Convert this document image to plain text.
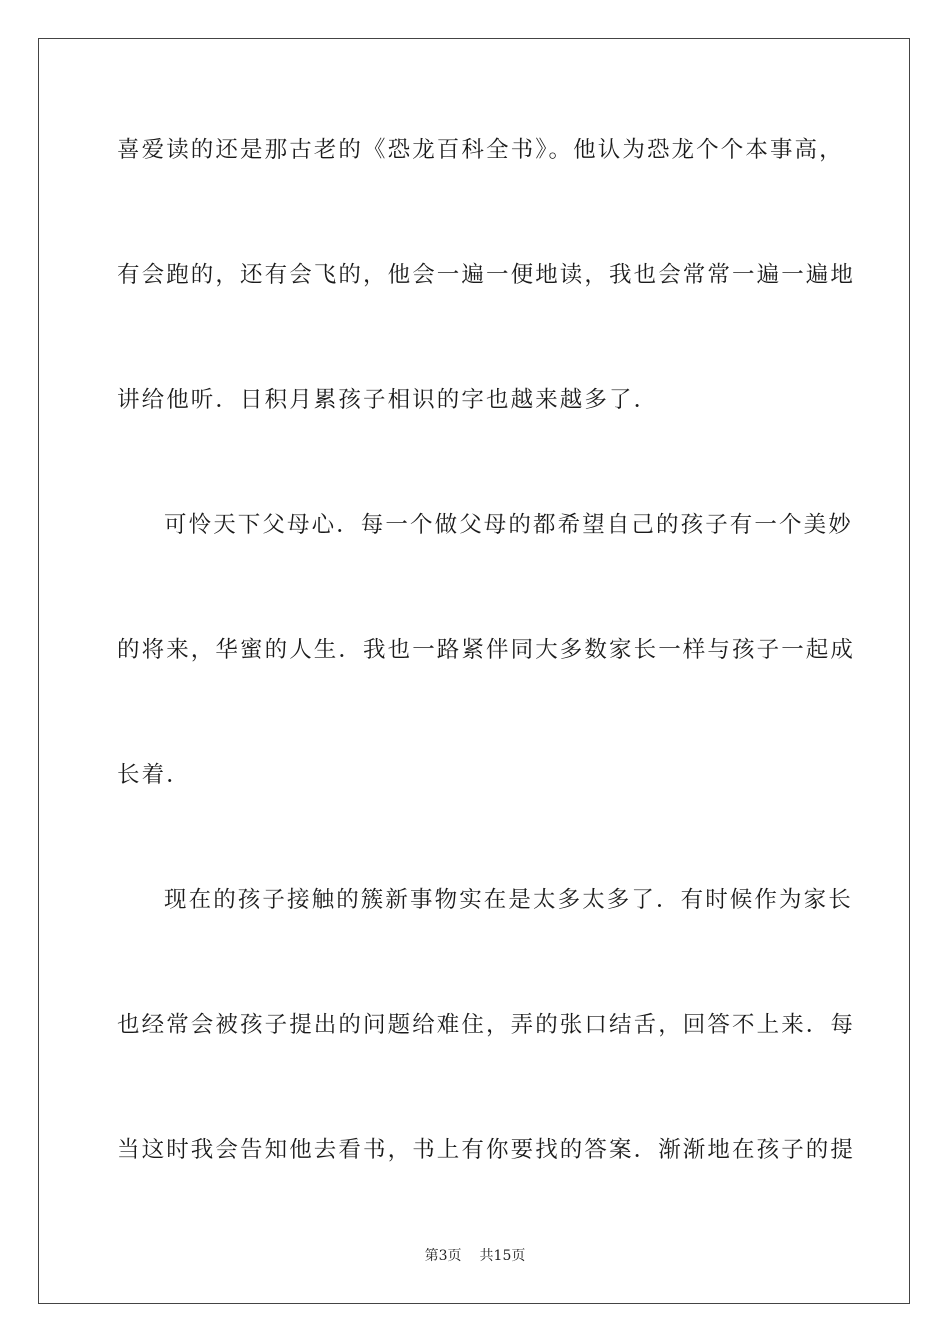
喜爱读的还是那古老的《恐龙百科全书》。他认为恐龙个个本事高，
有会跑的，还有会飞的，他会一遍一便地读，我也会常常一遍一遍地
讲给他听．日积月累孩子相识的字也越来越多了．
可怜天下父母心．每一个做父母的都希望自己的孩子有一个美妙
的将来，华蜜的人生．我也一路紧伴同大多数家长一样与孩子一起成
长着．
现在的孩子接触的簇新事物实在是太多太多了．有时候作为家长
也经常会被孩子提出的问题给难住，弄的张口结舌，回答不上来．每
当这时我会告知他去看书，书上有你要找的答案．渐渐地在孩子的提
第3页 共15页
